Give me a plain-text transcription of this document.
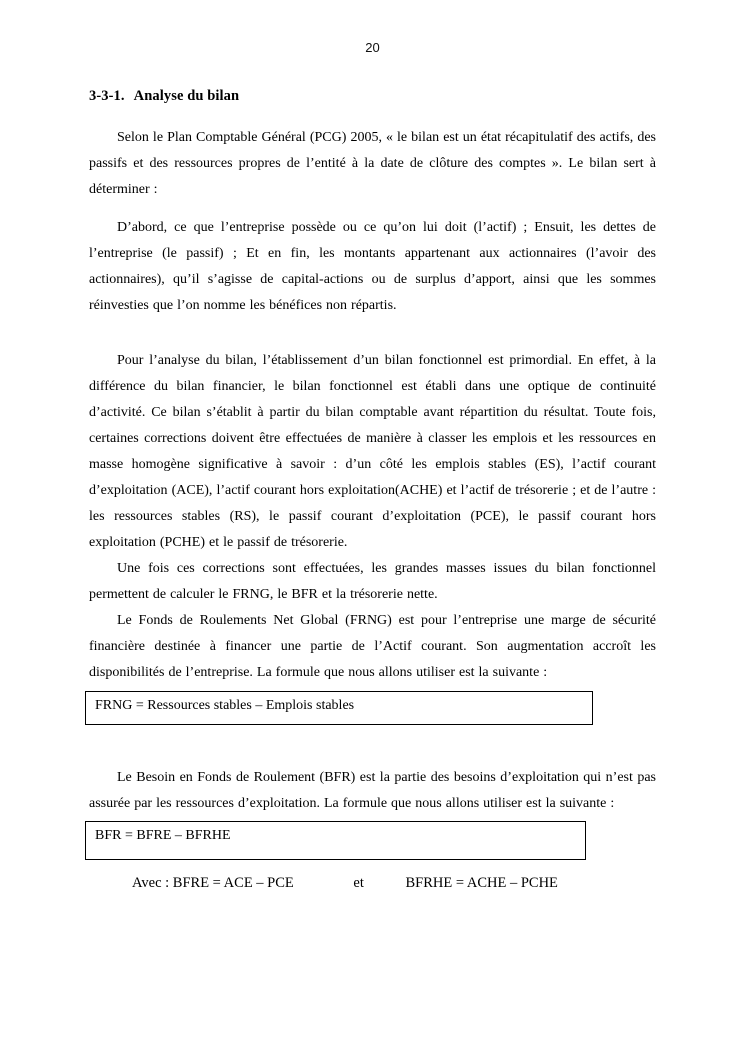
20
3-3-1. Analyse du bilan

Selon le Plan Comptable Général (PCG) 2005, « le bilan est un état récapitulatif des actifs, des passifs et des ressources propres de l’entité à la date de clôture des comptes ». Le bilan sert à déterminer :

D’abord, ce que l’entreprise possède ou ce qu’on lui doit (l’actif) ; Ensuit, les dettes de l’entreprise (le passif) ; Et en fin, les montants appartenant aux actionnaires (l’avoir des actionnaires), qu’il s’agisse de capital-actions ou de surplus d’apport, ainsi que les sommes réinvesties que l’on nomme les bénéfices non répartis.

Pour l’analyse du bilan, l’établissement d’un bilan fonctionnel est primordial. En effet, à la différence du bilan financier, le bilan fonctionnel est établi dans une optique de continuité d’activité. Ce bilan s’établit à partir du bilan comptable avant répartition du résultat. Toute fois, certaines corrections doivent être effectuées de manière à classer les emplois et les ressources en masse homogène significative à savoir : d’un côté les emplois stables (ES), l’actif courant d’exploitation (ACE), l’actif courant hors exploitation(ACHE) et l’actif de trésorerie ; et de l’autre : les ressources stables (RS), le passif courant d’exploitation (PCE), le passif courant hors exploitation (PCHE) et le passif de trésorerie.

Une fois ces corrections sont effectuées, les grandes masses issues du bilan fonctionnel permettent de calculer le FRNG, le BFR et la trésorerie nette.

Le Fonds de Roulements Net Global (FRNG) est pour l’entreprise une marge de sécurité financière destinée à financer une partie de l’Actif courant. Son augmentation accroît les disponibilités de l’entreprise. La formule que nous allons utiliser est la suivante :

FRNG = Ressources stables – Emplois stables

Le Besoin en Fonds de Roulement (BFR) est la partie des besoins d’exploitation qui n’est pas assurée par les ressources d’exploitation. La formule que nous allons utiliser est la suivante :

BFR = BFRE – BFRHE
Avec : BFRE = ACE – PCE	et	BFRHE = ACHE – PCHE
